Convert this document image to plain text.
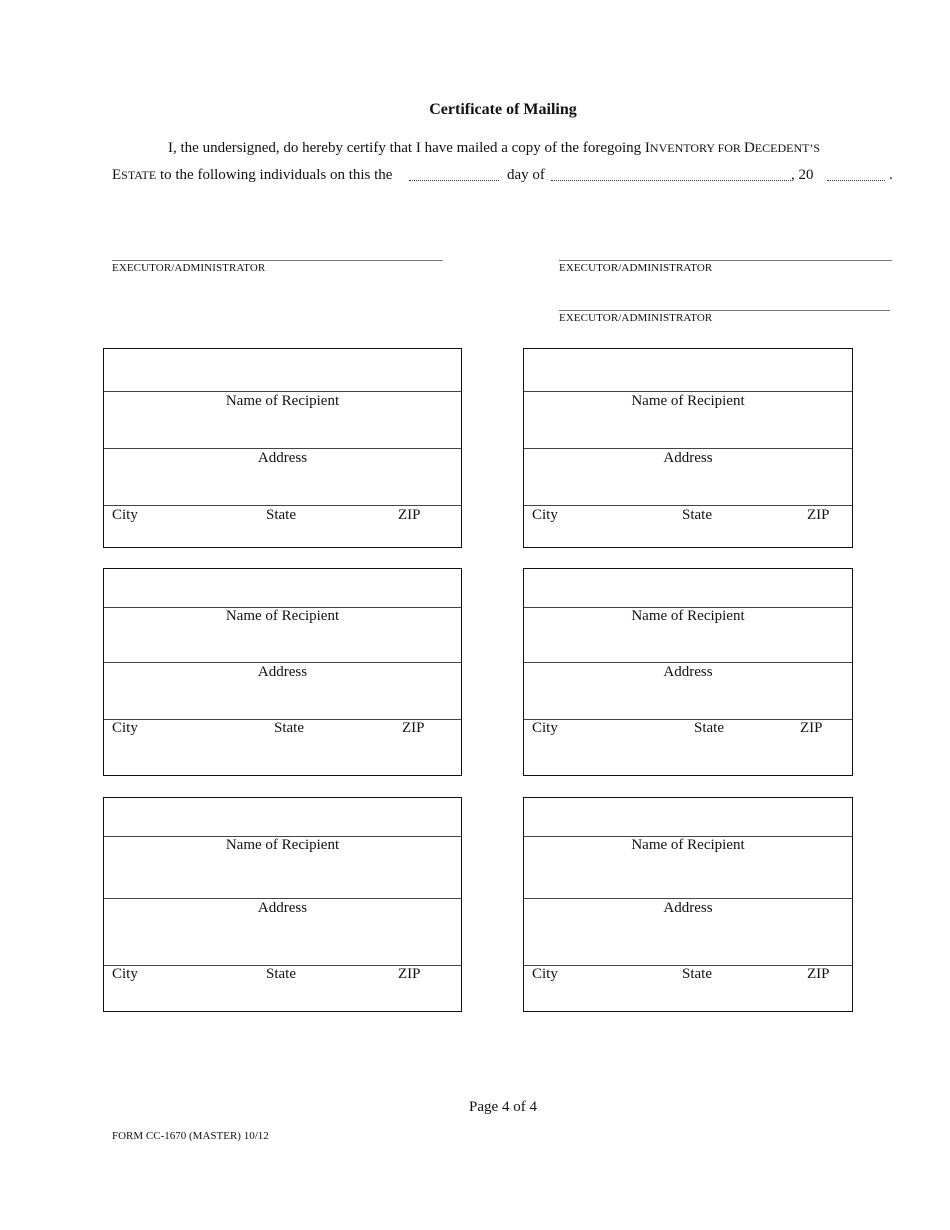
Certificate of Mailing
I, the undersigned, do hereby certify that I have mailed a copy of the foregoing INVENTORY FOR DECEDENT’S
ESTATE to the following individuals on this the	day of	, 20	.
EXECUTOR/ADMINISTRATOR	EXECUTOR/ADMINISTRATOR
EXECUTOR/ADMINISTRATOR
Name of Recipient
Address
City	State	ZIP
Name of Recipient
Address
City	State	ZIP
Name of Recipient
Address
City	State	ZIP
Name of Recipient
Address
City	State	ZIP
Name of Recipient
Address
City	State	ZIP
Name of Recipient
Address
City	State	ZIP
Page 4 of 4
FORM CC-1670 (MASTER) 10/12
